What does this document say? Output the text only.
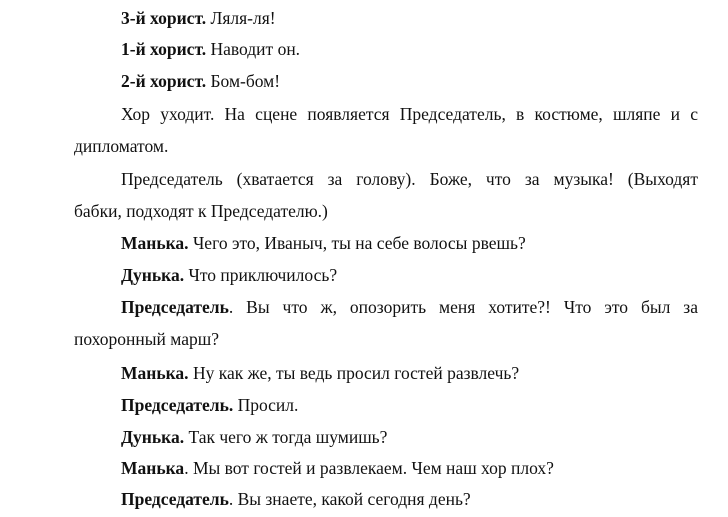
3-й хорист. Ляля-ля!
1-й хорист. Наводит он.
2-й хорист. Бом-бом!
Хор уходит. На сцене появляется Председатель, в костюме, шляпе и с
дипломатом.
Председатель (хватается за голову). Боже, что за музыка! (Выходят
бабки, подходят к Председателю.)
Манька. Чего это, Иваныч, ты на себе волосы рвешь?
Дунька. Что приключилось?
Председатель. Вы что ж, опозорить меня хотите?! Что это был за
похоронный марш?
Манька. Ну как же, ты ведь просил гостей развлечь?
Председатель. Просил.
Дунька. Так чего ж тогда шумишь?
Манька. Мы вот гостей и развлекаем. Чем наш хор плох?
Председатель. Вы знаете, какой сегодня день?
